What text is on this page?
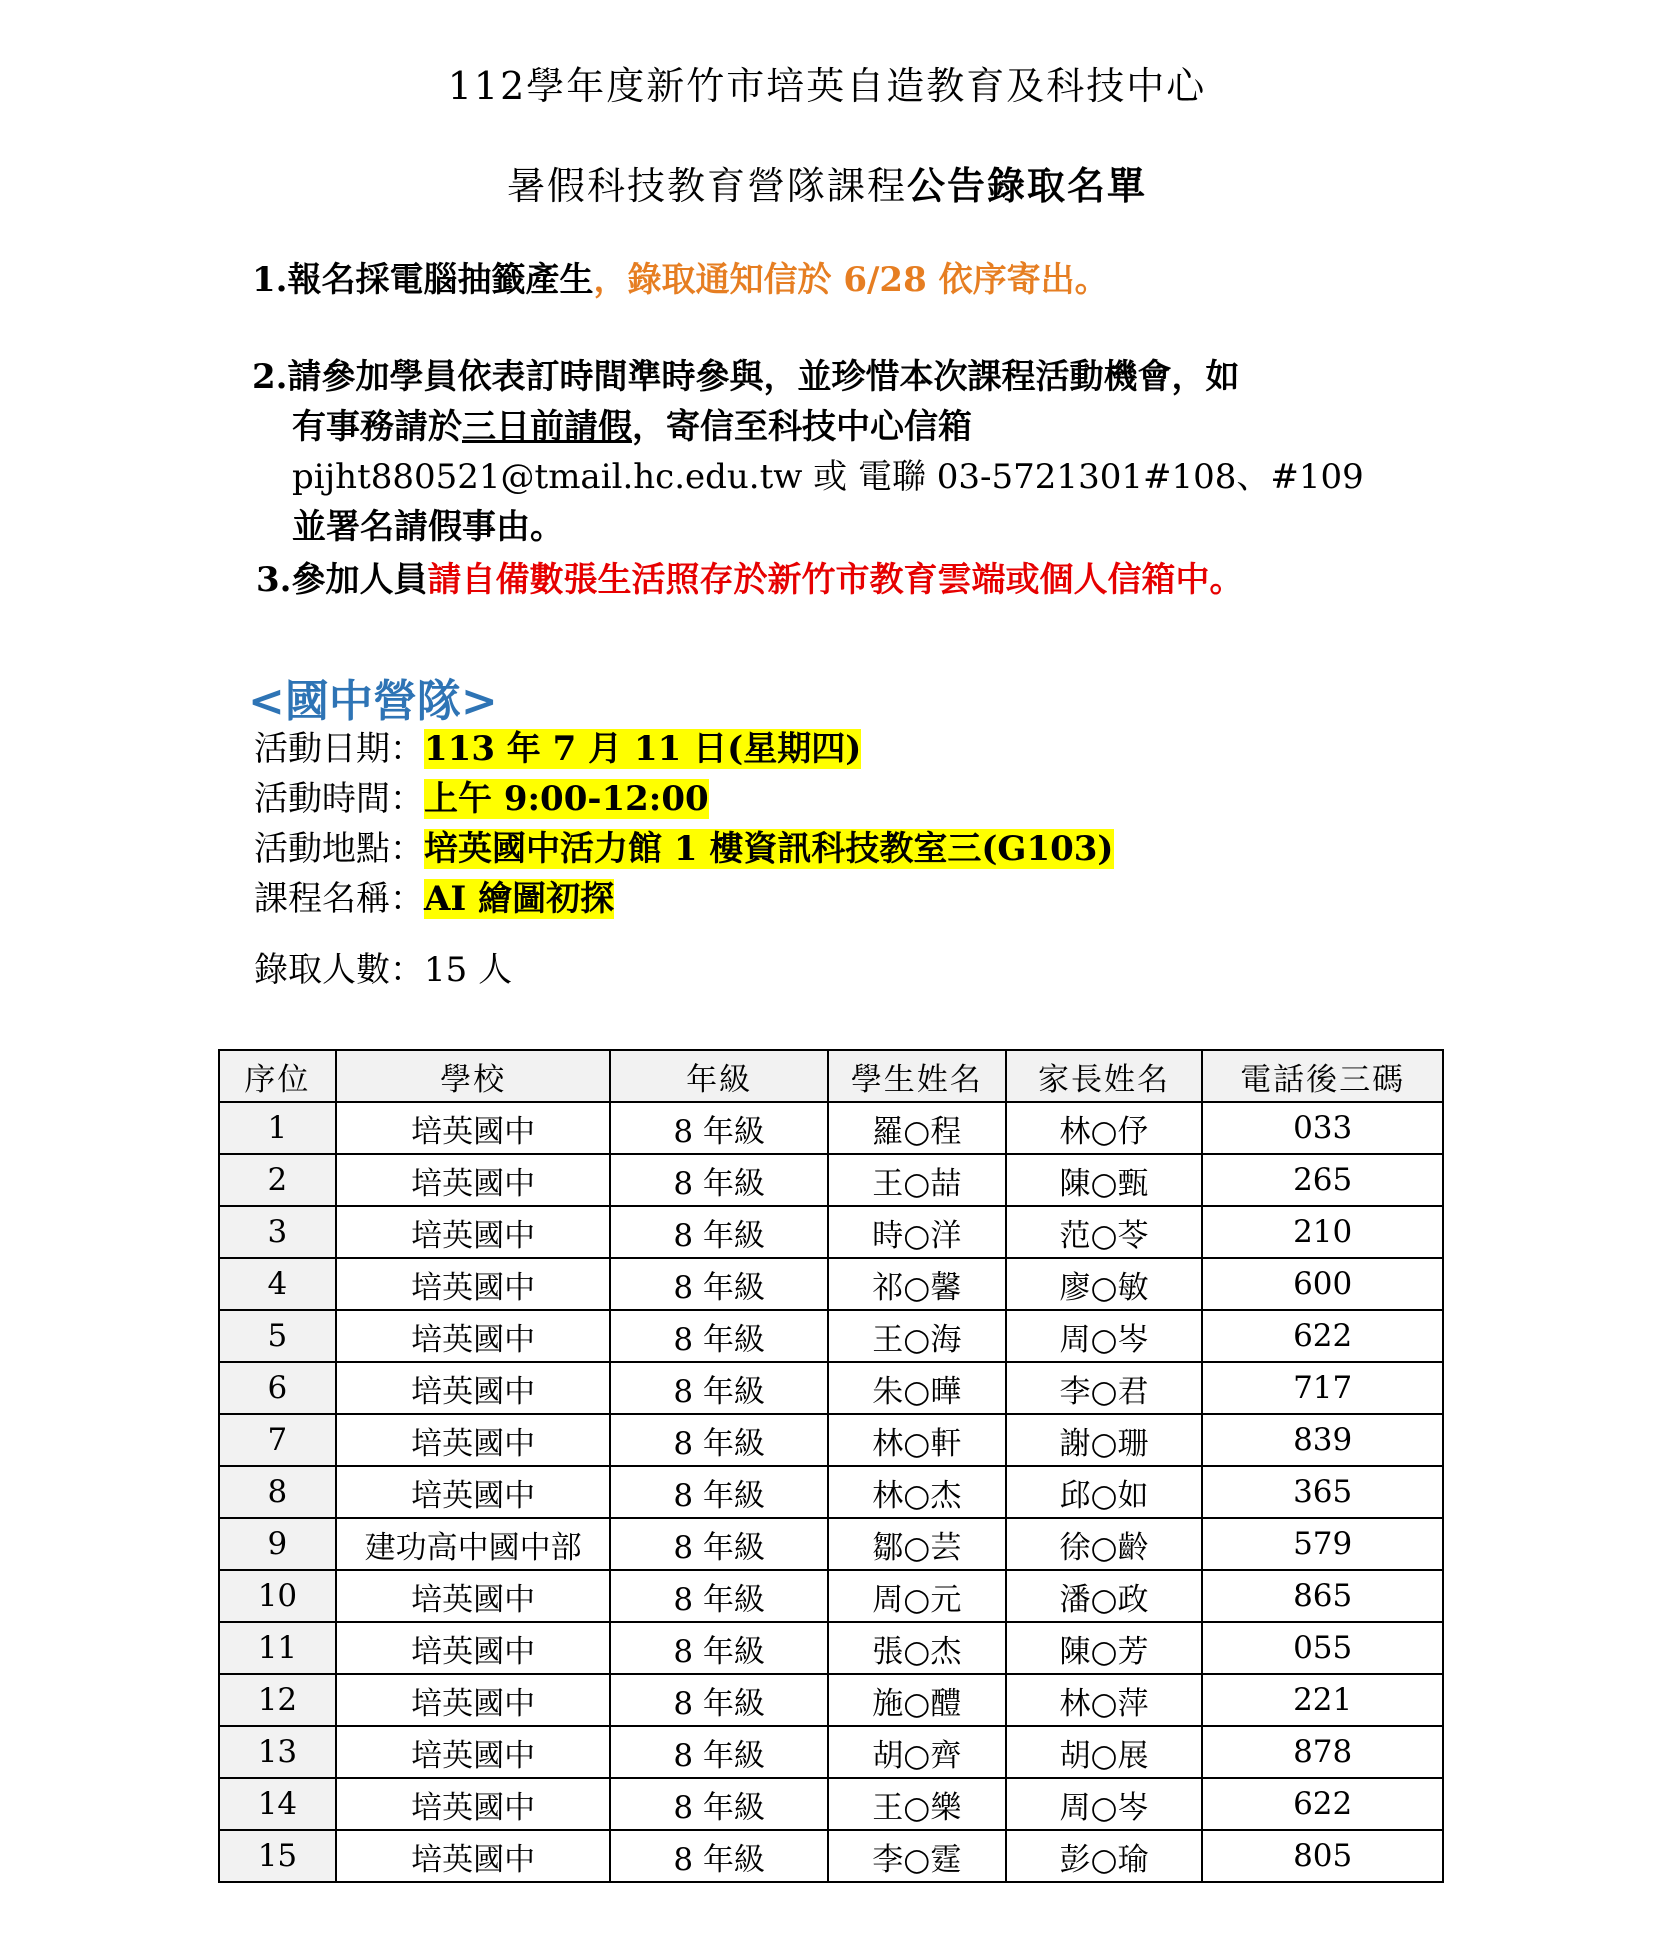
112學年度新竹市培英自造教育及科技中心
暑假科技教育營隊課程公告錄取名單
1.報名採電腦抽籤產生，錄取通知信於 6/28 依序寄出。
2.請參加學員依表訂時間準時參與，並珍惜本次課程活動機會，如
有事務請於三日前請假，寄信至科技中心信箱
pijht880521@tmail.hc.edu.tw 或 電聯 03-5721301#108、#109
並署名請假事由。
3.參加人員請自備數張生活照存於新竹市教育雲端或個人信箱中。
<國中營隊>
活動日期：113 年 7 月 11 日(星期四)
活動時間：上午 9:00-12:00
活動地點：培英國中活力館 1 樓資訊科技教室三(G103)
課程名稱：AI 繪圖初探
錄取人數：15 人
序位	學校	年級	學生姓名	家長姓名	電話後三碼
1	培英國中	8 年級	羅○程	林○伃	033
2	培英國中	8 年級	王○喆	陳○甄	265
3	培英國中	8 年級	時○洋	范○苓	210
4	培英國中	8 年級	祁○馨	廖○敏	600
5	培英國中	8 年級	王○海	周○岑	622
6	培英國中	8 年級	朱○曄	李○君	717
7	培英國中	8 年級	林○軒	謝○珊	839
8	培英國中	8 年級	林○杰	邱○如	365
9	建功高中國中部	8 年級	鄒○芸	徐○齡	579
10	培英國中	8 年級	周○元	潘○政	865
11	培英國中	8 年級	張○杰	陳○芳	055
12	培英國中	8 年級	施○醴	林○萍	221
13	培英國中	8 年級	胡○齊	胡○展	878
14	培英國中	8 年級	王○樂	周○岑	622
15	培英國中	8 年級	李○霆	彭○瑜	805
